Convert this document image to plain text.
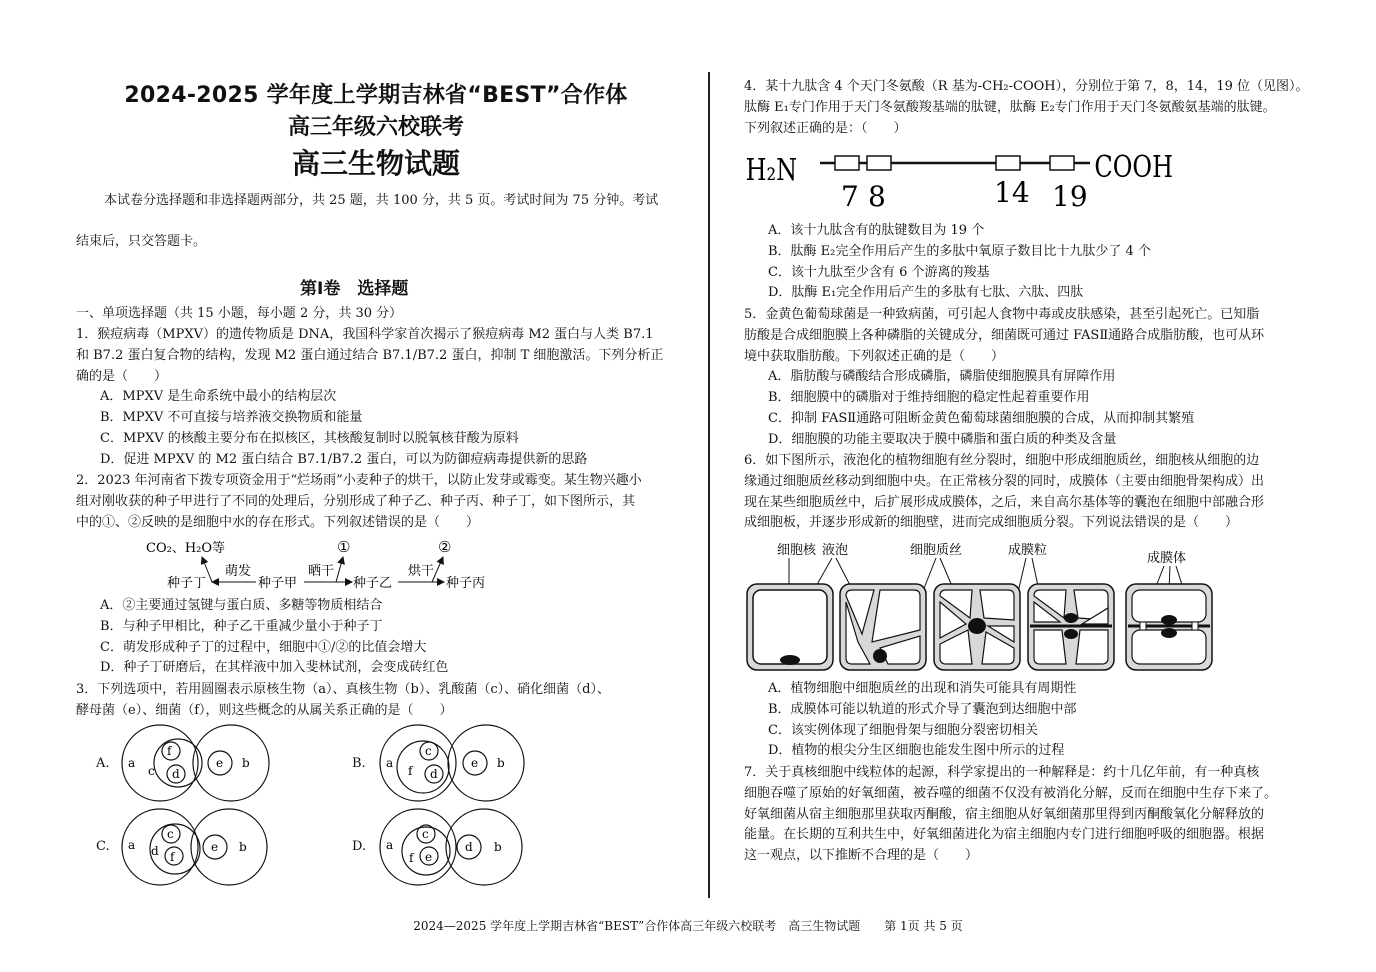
2024-2025 学年度上学期吉林省“BEST”合作体
高三年级六校联考
高三生物试题
本试卷分选择题和非选择题两部分，共 25 题，共 100 分，共 5 页。考试时间为 75 分钟。考试
结束后，只交答题卡。
第Ⅰ卷　选择题
一、单项选择题（共 15 小题，每小题 2 分，共 30 分）
1．猴痘病毒（MPXV）的遗传物质是 DNA，我国科学家首次揭示了猴痘病毒 M2 蛋白与人类 B7.1
和 B7.2 蛋白复合物的结构，发现 M2 蛋白通过结合 B7.1/B7.2 蛋白，抑制 T 细胞激活。下列分析正
确的是（　　）
A．MPXV 是生命系统中最小的结构层次
B．MPXV 不可直接与培养液交换物质和能量
C．MPXV 的核酸主要分布在拟核区，其核酸复制时以脱氧核苷酸为原料
D．促进 MPXV 的 M2 蛋白结合 B7.1/B7.2 蛋白，可以为防御痘病毒提供新的思路
2．2023 年河南省下拨专项资金用于“烂场雨”小麦种子的烘干，以防止发芽或霉变。某生物兴趣小
组对刚收获的种子甲进行了不同的处理后，分别形成了种子乙、种子丙、种子丁，如下图所示，其
中的①、②反映的是细胞中水的存在形式。下列叙述错误的是（　　）
CO₂、H₂O等	①	②
种子丁	种子甲	种子乙	种子丙
萌发	晒干	烘干
A．②主要通过氢键与蛋白质、多糖等物质相结合
B．与种子甲相比，种子乙干重减少量小于种子丁
C．萌发形成种子丁的过程中，细胞中①/②的比值会增大
D．种子丁研磨后，在其样液中加入斐林试剂，会变成砖红色
3．下列选项中，若用圆圈表示原核生物（a）、真核生物（b）、乳酸菌（c）、硝化细菌（d）、
酵母菌（e）、细菌（f），则这些概念的从属关系正确的是（　　）
A. a
f
c d
e b	B. a
c
f d
e b
C. a
c
d f
e b	D. a
c
f e
d b
4．某十九肽含 4 个天门冬氨酸（R 基为-CH₂-COOH），分别位于第 7，8，14，19 位（见图）。
肽酶 E₁专门作用于天门冬氨酸羧基端的肽键，肽酶 E₂专门作用于天门冬氨酸氨基端的肽键。
下列叙述正确的是：（　　）
H₂N	COOH
7 8	14 19
A．该十九肽含有的肽键数目为 19 个
B．肽酶 E₂完全作用后产生的多肽中氧原子数目比十九肽少了 4 个
C．该十九肽至少含有 6 个游离的羧基
D．肽酶 E₁完全作用后产生的多肽有七肽、六肽、四肽
5．金黄色葡萄球菌是一种致病菌，可引起人食物中毒或皮肤感染，甚至引起死亡。已知脂
肪酸是合成细胞膜上各种磷脂的关键成分，细菌既可通过 FASⅡ通路合成脂肪酸，也可从环
境中获取脂肪酸。下列叙述正确的是（　　）
A．脂肪酸与磷酸结合形成磷脂，磷脂使细胞膜具有屏障作用
B．细胞膜中的磷脂对于维持细胞的稳定性起着重要作用
C．抑制 FASⅡ通路可阻断金黄色葡萄球菌细胞膜的合成，从而抑制其繁殖
D．细胞膜的功能主要取决于膜中磷脂和蛋白质的种类及含量
6．如下图所示，液泡化的植物细胞有丝分裂时，细胞中形成细胞质丝，细胞核从细胞的边
缘通过细胞质丝移动到细胞中央。在正常核分裂的同时，成膜体（主要由细胞骨架构成）出
现在某些细胞质丝中，后扩展形成成膜体，之后，来自高尔基体等的囊泡在细胞中部融合形
成细胞板，并逐步形成新的细胞壁，进而完成细胞质分裂。下列说法错误的是（　　）
细胞核 液泡	细胞质丝	成膜粒
成膜体
A．植物细胞中细胞质丝的出现和消失可能具有周期性
B．成膜体可能以轨道的形式介导了囊泡到达细胞中部
C．该实例体现了细胞骨架与细胞分裂密切相关
D．植物的根尖分生区细胞也能发生图中所示的过程
7．关于真核细胞中线粒体的起源，科学家提出的一种解释是：约十几亿年前，有一种真核
细胞吞噬了原始的好氧细菌，被吞噬的细菌不仅没有被消化分解，反而在细胞中生存下来了。
好氧细菌从宿主细胞那里获取丙酮酸，宿主细胞从好氧细菌那里得到丙酮酸氧化分解释放的
能量。在长期的互利共生中，好氧细菌进化为宿主细胞内专门进行细胞呼吸的细胞器。根据
这一观点，以下推断不合理的是（　　）
2024—2025 学年度上学期吉林省“BEST”合作体高三年级六校联考　高三生物试题　　第 1页 共 5 页
